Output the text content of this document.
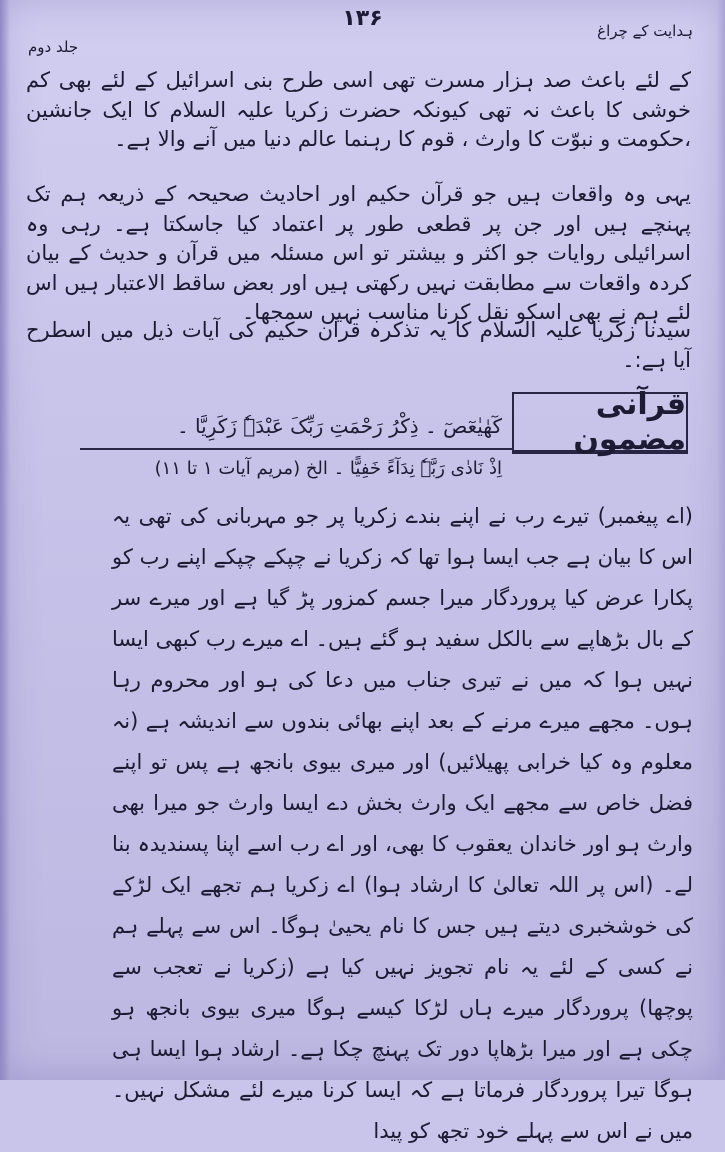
۱۳۶	ہدایت کے چراغ
جلد دوم
کے لئے باعث صد ہزار مسرت تھی اسی طرح بنی اسرائیل کے لئے بھی کم خوشی کا باعث نہ تھی کیونکہ حضرت زکریا علیہ السلام کا ایک جانشین ،حکومت و نبوّت کا وارث ، قوم کا رہنما عالم دنیا میں آنے والا ہے۔
یہی وہ واقعات ہیں جو قرآن حکیم اور احادیث صحیحہ کے ذریعہ ہم تک پہنچے ہیں اور جن پر قطعی طور پر اعتماد کیا جاسکتا ہے۔ رہی وہ اسرائیلی روایات جو اکثر و بیشتر تو اس مسئلہ میں قرآن و حدیث کے بیان کردہ واقعات سے مطابقت نہیں رکھتی ہیں اور بعض ساقط الاعتبار ہیں اس لئے ہم نے بھی اسکو نقل کرنا مناسب نہیں سمجھا۔
سیدنا زکریا علیہ السلام کا یہ تذکرہ قرآن حکیم کی آیات ذیل میں اسطرح آیا ہے:۔
قرآنی مضمون
کٓھٰیٰعٓصٓ ۔ ذِکْرُ رَحْمَتِ رَبِّکَ عَبْدَہٗ زَکَرِیَّا ۔
اِذْ نَادٰی رَبَّہٗ نِدَآءً خَفِیًّا ۔ الخ (مریم آیات ۱ تا ۱۱)
(اے پیغمبر) تیرے رب نے اپنے بندے زکریا پر جو مہربانی کی تھی یہ اس کا بیان ہے جب ایسا ہوا تھا کہ زکریا نے چپکے چپکے اپنے رب کو پکارا عرض کیا پروردگار میرا جسم کمزور پڑ گیا ہے اور میرے سر کے بال بڑھاپے سے بالکل سفید ہو گئے ہیں۔ اے میرے رب کبھی ایسا نہیں ہوا کہ میں نے تیری جناب میں دعا کی ہو اور محروم رہا ہوں۔ مجھے میرے مرنے کے بعد اپنے بھائی بندوں سے اندیشہ ہے (نہ معلوم وہ کیا خرابی پھیلائیں) اور میری بیوی بانجھ ہے پس تو اپنے فضل خاص سے مجھے ایک وارث بخش دے ایسا وارث جو میرا بھی وارث ہو اور خاندان یعقوب کا بھی، اور اے رب اسے اپنا پسندیدہ بنا لے۔ (اس پر اللہ تعالیٰ کا ارشاد ہوا) اے زکریا ہم تجھے ایک لڑکے کی خوشخبری دیتے ہیں جس کا نام یحییٰ ہوگا۔ اس سے پہلے ہم نے کسی کے لئے یہ نام تجویز نہیں کیا ہے (زکریا نے تعجب سے پوچھا) پروردگار میرے ہاں لڑکا کیسے ہوگا میری بیوی بانجھ ہو چکی ہے اور میرا بڑھاپا دور تک پہنچ چکا ہے۔ ارشاد ہوا ایسا ہی ہوگا تیرا پروردگار فرماتا ہے کہ ایسا کرنا میرے لئے مشکل نہیں۔ میں نے اس سے پہلے خود تجھ کو پیدا
